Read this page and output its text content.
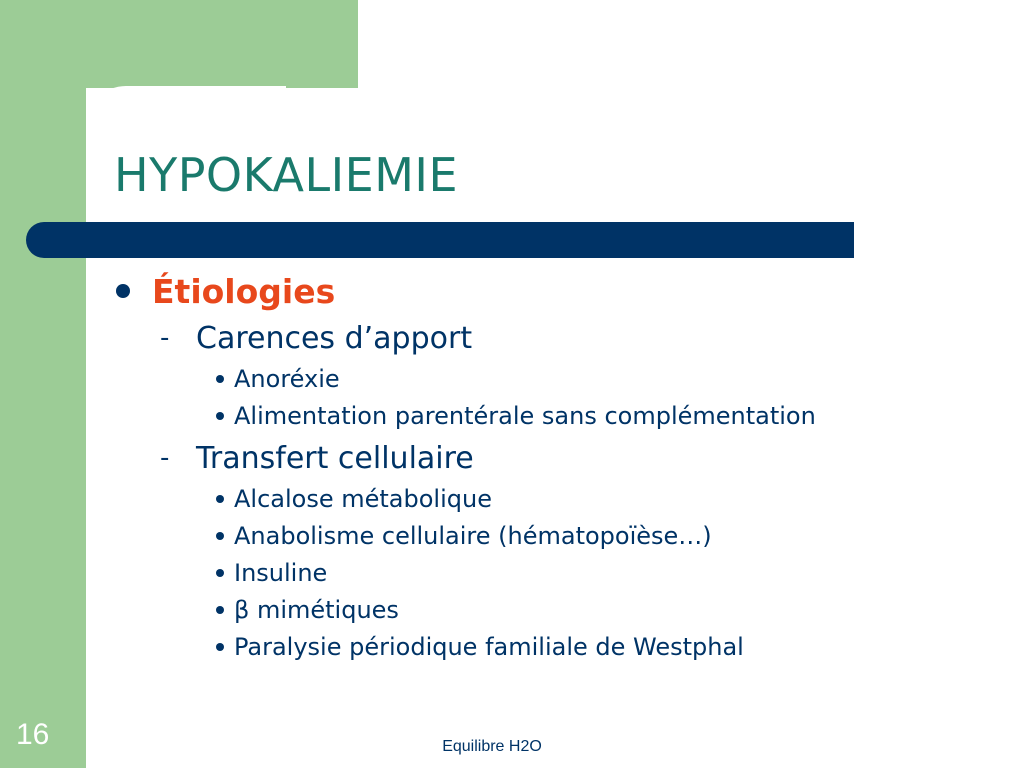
HYPOKALIEMIE
Étiologies
- Carences d’apport
Anoréxie
Alimentation parentérale sans complémentation
- Transfert cellulaire
Alcalose métabolique
Anabolisme cellulaire (hématopoïèse…)
Insuline
β mimétiques
Paralysie périodique familiale de Westphal
16	Equilibre H2O
